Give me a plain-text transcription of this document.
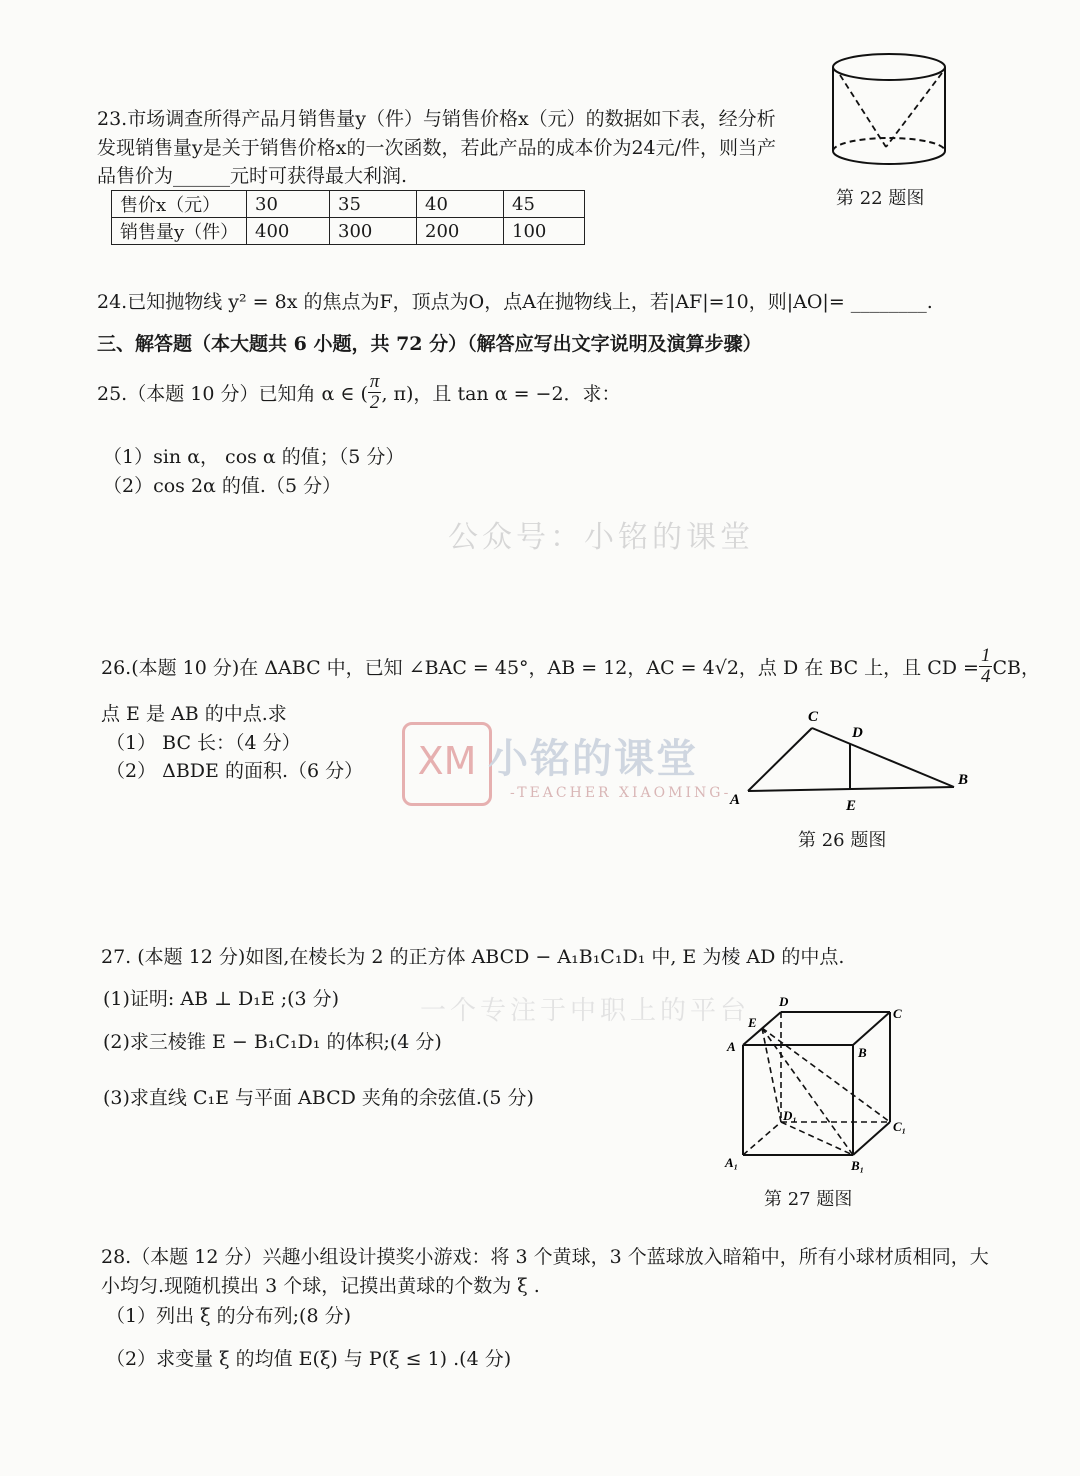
公众号：小铭的课堂
XM 小铭的课堂
-TEACHER XIAOMING-
一个专注于中职上的平台
23.市场调查所得产品月销售量y（件）与销售价格x（元）的数据如下表，经分析
发现销售量y是关于销售价格x的一次函数，若此产品的成本价为24元/件，则当产
品售价为______元时可获得最大利润.
售价x（元）	30	35	40	45
销售量y（件）	400	300	200	100
第 22 题图
24.已知抛物线 y² = 8x 的焦点为F，顶点为O，点A在抛物线上，若|AF|=10，则|AO|= ________.
三、解答题（本大题共 6 小题，共 72 分）（解答应写出文字说明及演算步骤）
25.（本题 10 分）已知角 α ∈ ( $\frac{\pi}{2}$ , π)，且 tan α = −2．求：
（1）sin α， cos α 的值；（5 分）
（2）cos 2α 的值.（5 分）
26.(本题 10 分)在 ΔABC 中，已知 ∠BAC = 45°，AB = 12，AC = 4√2，点 D 在 BC 上，且 CD = $\frac{1}{4}$ CB，
点 E 是 AB 的中点.求
（1） BC 长：（4 分）
（2） ΔBDE 的面积.（6 分）
A
B
C
D
E
第 26 题图
27. (本题 12 分)如图,在棱长为 2 的正方体 ABCD − A₁B₁C₁D₁ 中, E 为棱 AD 的中点.
(1)证明: AB ⊥ D₁E ;(3 分)
(2)求三棱锥 E − B₁C₁D₁ 的体积;(4 分)
(3)求直线 C₁E 与平面 ABCD 夹角的余弦值.(5 分)
A	B
C
D
E
A₁	B₁
C₁
D₁
第 27 题图
28.（本题 12 分）兴趣小组设计摸奖小游戏：将 3 个黄球，3 个蓝球放入暗箱中，所有小球材质相同，大
小均匀.现随机摸出 3 个球，记摸出黄球的个数为 ξ .
（1）列出 ξ 的分布列;(8 分)
（2）求变量 ξ 的均值 E(ξ) 与 P(ξ ≤ 1) .(4 分)
